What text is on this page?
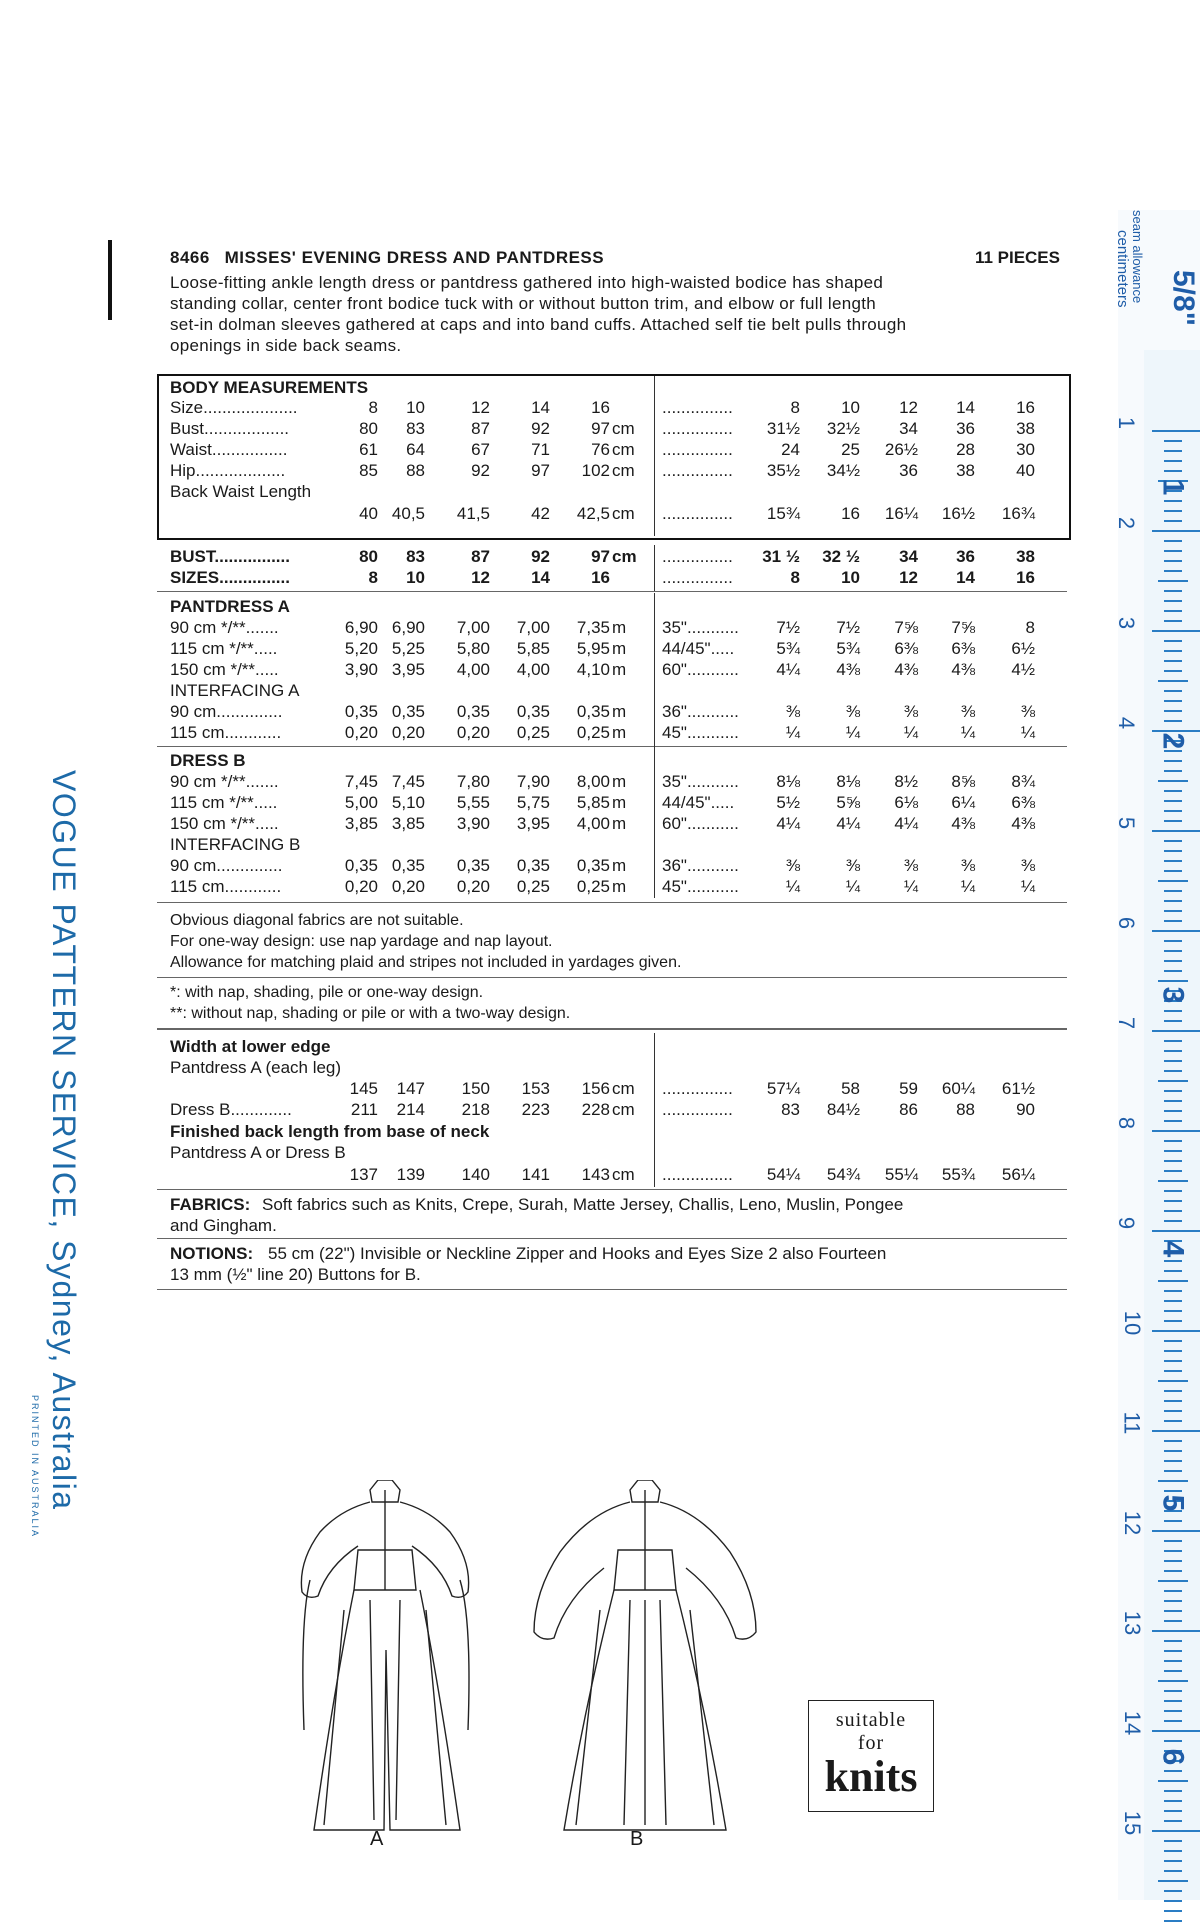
8466 MISSES' EVENING DRESS AND PANTDRESS	11 PIECES
Loose-fitting ankle length dress or pantdress gathered into high-waisted bodice has shaped
standing collar, center front bodice tuck with or without button trim, and elbow or full length
set-in dolman sleeves gathered at caps and into band cuffs. Attached self tie belt pulls through
openings in side back seams.
BODY MEASUREMENTS
Size....................	8 10	12 14 16	...............	8 10 12 14 16
Bust..................	80 83	87 92 97 cm ............... 31½ 32½ 34 36 38
Waist................	61 64	67 71 76 cm ...............	24 25 26½ 28 30
Hip...................	85 88	92 97 102 cm ............... 35½ 34½ 36 38 40
Back Waist Length
40 40,5 41,5 42 42,5 cm ............... 15¾ 16 16¼ 16½ 16¾
BUST................	80 83	87 92 97 cm ............... 31 ½ 32 ½ 34 36 38
SIZES...............	8 10	12 14 16	...............	8 10 12 14 16
PANTDRESS A
90 cm */**.......	6,90 6,90 7,00 7,00 7,35 m 35"........... 7½ 7½ 7⅝ 7⅝	8
115 cm */**.....	5,20 5,25 5,80 5,85 5,95 m 44/45"..... 5¾ 5¾ 6⅜ 6⅜ 6½
150 cm */**.....	3,90 3,95 4,00 4,00 4,10 m 60"........... 4¼ 4⅜ 4⅜ 4⅜ 4½
INTERFACING A
90 cm..............	0,35 0,35 0,35 0,35 0,35 m 36"...........	⅜	⅜	⅜	⅜	⅜
115 cm............	0,20 0,20 0,20 0,25 0,25 m 45"...........	¼	¼	¼	¼	¼
DRESS B
90 cm */**.......	7,45 7,45 7,80 7,90 8,00 m 35"........... 8⅛ 8⅛ 8½ 8⅝ 8¾
115 cm */**.....	5,00 5,10 5,55 5,75 5,85 m 44/45"..... 5½ 5⅝ 6⅛ 6¼ 6⅜
150 cm */**.....	3,85 3,85 3,90 3,95 4,00 m 60"........... 4¼ 4¼ 4¼ 4⅜ 4⅜
INTERFACING B
90 cm..............	0,35 0,35 0,35 0,35 0,35 m 36"...........	⅜	⅜	⅜	⅜	⅜
115 cm............	0,20 0,20 0,20 0,25 0,25 m 45"...........	¼	¼	¼	¼	¼
Obvious diagonal fabrics are not suitable.
For one-way design: use nap yardage and nap layout.
Allowance for matching plaid and stripes not included in yardages given.
*: with nap, shading, pile or one-way design.
**: without nap, shading or pile or with a two-way design.
Width at lower edge
Pantdress A (each leg)
145 147 150 153 156 cm ............... 57¼ 58 59 60¼ 61½
Dress B.............	211 214 218 223 228 cm ...............	83 84½ 86 88 90
Finished back length from base of neck
Pantdress A or Dress B
137 139 140 141 143 cm ............... 54¼ 54¾ 55¼ 55¾ 56¼
FABRICS: Soft fabrics such as Knits, Crepe, Surah, Matte Jersey, Challis, Leno, Muslin, Pongee
and Gingham.
NOTIONS: 55 cm (22") Invisible or Neckline Zipper and Hooks and Eyes Size 2 also Fourteen
13 mm (½" line 20) Buttons for B.
VOGUE PATTERN SERVICE, Sydney, Australia
PRINTED IN AUSTRALIA
5/8"
seam allowance
centimeters
1
2
3
4
5
6
7
8
9
10
11
12
13
14
15
1
2
3
4
5
6
A	B
suitable
for
knits
